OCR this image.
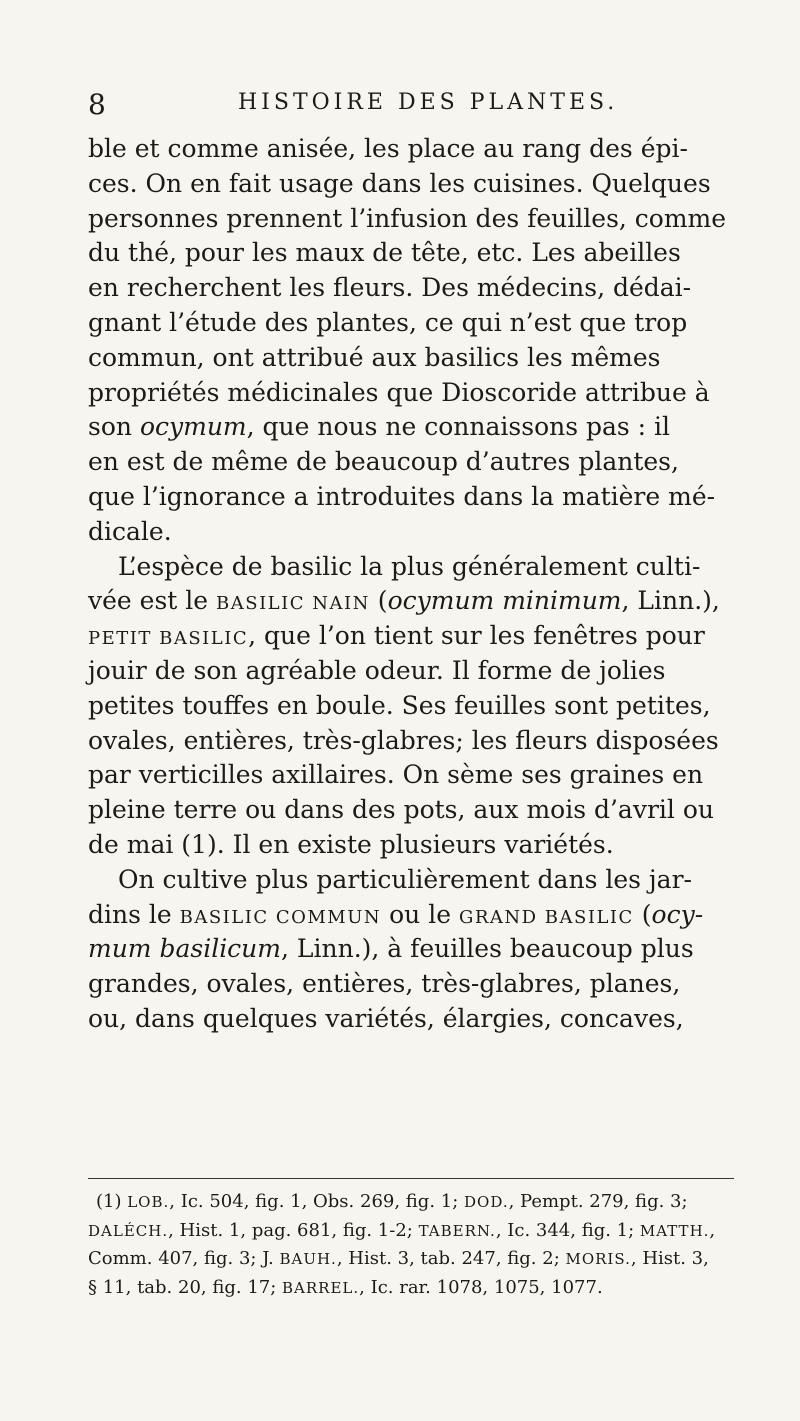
8	HISTOIRE DES PLANTES.
ble et comme anisée, les place au rang des épi-
ces. On en fait usage dans les cuisines. Quelques
personnes prennent l’infusion des feuilles, comme
du thé, pour les maux de tête, etc. Les abeilles
en recherchent les fleurs. Des médecins, dédai-
gnant l’étude des plantes, ce qui n’est que trop
commun, ont attribué aux basilics les mêmes
propriétés médicinales que Dioscoride attribue à
son ocymum, que nous ne connaissons pas : il
en est de même de beaucoup d’autres plantes,
que l’ignorance a introduites dans la matière mé-
dicale.
L’espèce de basilic la plus généralement culti-
vée est le BASILIC NAIN (ocymum minimum, Linn.),
PETIT BASILIC, que l’on tient sur les fenêtres pour
jouir de son agréable odeur. Il forme de jolies
petites touffes en boule. Ses feuilles sont petites,
ovales, entières, très-glabres; les fleurs disposées
par verticilles axillaires. On sème ses graines en
pleine terre ou dans des pots, aux mois d’avril ou
de mai (1). Il en existe plusieurs variétés.
On cultive plus particulièrement dans les jar-
dins le BASILIC COMMUN ou le GRAND BASILIC (ocy-
mum basilicum, Linn.), à feuilles beaucoup plus
grandes, ovales, entières, très-glabres, planes,
ou, dans quelques variétés, élargies, concaves,
(1) LOB., Ic. 504, fig. 1, Obs. 269, fig. 1; DOD., Pempt. 279, fig. 3;
DALÉCH., Hist. 1, pag. 681, fig. 1-2; TABERN., Ic. 344, fig. 1; MATTH.,
Comm. 407, fig. 3; J. BAUH., Hist. 3, tab. 247, fig. 2; MORIS., Hist. 3,
§ 11, tab. 20, fig. 17; BARREL., Ic. rar. 1078, 1075, 1077.
